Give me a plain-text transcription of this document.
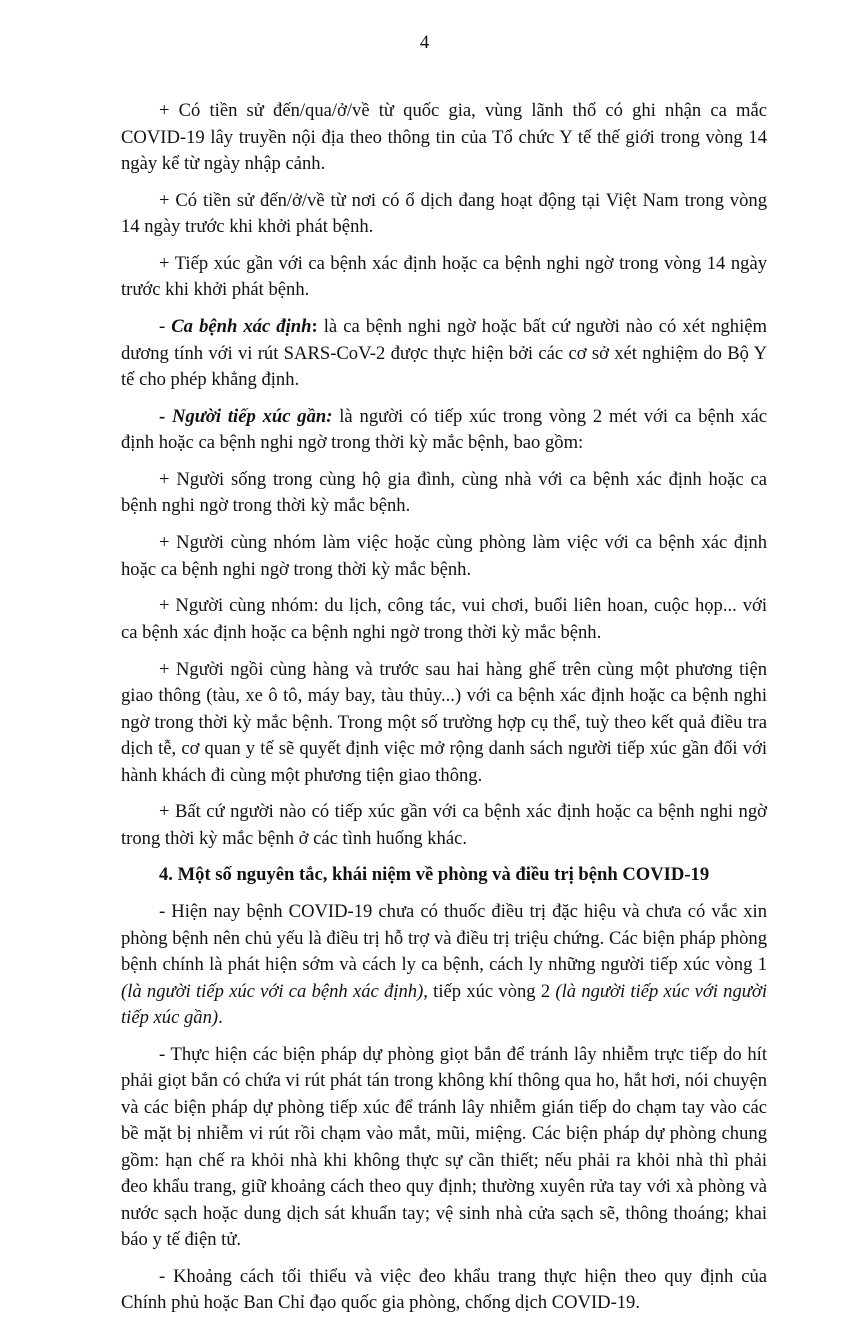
4

+ Có tiền sử đến/qua/ở/về từ quốc gia, vùng lãnh thổ có ghi nhận ca mắc COVID-19 lây truyền nội địa theo thông tin của Tổ chức Y tế thế giới trong vòng 14 ngày kể từ ngày nhập cảnh.

+ Có tiền sử đến/ở/về từ nơi có ổ dịch đang hoạt động tại Việt Nam trong vòng 14 ngày trước khi khởi phát bệnh.

+ Tiếp xúc gần với ca bệnh xác định hoặc ca bệnh nghi ngờ trong vòng 14 ngày trước khi khởi phát bệnh.

- Ca bệnh xác định: là ca bệnh nghi ngờ hoặc bất cứ người nào có xét nghiệm dương tính với vi rút SARS-CoV-2 được thực hiện bởi các cơ sở xét nghiệm do Bộ Y tế cho phép khẳng định.

- Người tiếp xúc gần: là người có tiếp xúc trong vòng 2 mét với ca bệnh xác định hoặc ca bệnh nghi ngờ trong thời kỳ mắc bệnh, bao gồm:

+ Người sống trong cùng hộ gia đình, cùng nhà với ca bệnh xác định hoặc ca bệnh nghi ngờ trong thời kỳ mắc bệnh.

+ Người cùng nhóm làm việc hoặc cùng phòng làm việc với ca bệnh xác định hoặc ca bệnh nghi ngờ trong thời kỳ mắc bệnh.

+ Người cùng nhóm: du lịch, công tác, vui chơi, buổi liên hoan, cuộc họp... với ca bệnh xác định hoặc ca bệnh nghi ngờ trong thời kỳ mắc bệnh.

+ Người ngồi cùng hàng và trước sau hai hàng ghế trên cùng một phương tiện giao thông (tàu, xe ô tô, máy bay, tàu thủy...) với ca bệnh xác định hoặc ca bệnh nghi ngờ trong thời kỳ mắc bệnh. Trong một số trường hợp cụ thể, tuỳ theo kết quả điều tra dịch tễ, cơ quan y tế sẽ quyết định việc mở rộng danh sách người tiếp xúc gần đối với hành khách đi cùng một phương tiện giao thông.

+ Bất cứ người nào có tiếp xúc gần với ca bệnh xác định hoặc ca bệnh nghi ngờ trong thời kỳ mắc bệnh ở các tình huống khác.

4. Một số nguyên tắc, khái niệm về phòng và điều trị bệnh COVID-19

- Hiện nay bệnh COVID-19 chưa có thuốc điều trị đặc hiệu và chưa có vắc xin phòng bệnh nên chủ yếu là điều trị hỗ trợ và điều trị triệu chứng. Các biện pháp phòng bệnh chính là phát hiện sớm và cách ly ca bệnh, cách ly những người tiếp xúc vòng 1 (là người tiếp xúc với ca bệnh xác định), tiếp xúc vòng 2 (là người tiếp xúc với người tiếp xúc gần).

- Thực hiện các biện pháp dự phòng giọt bắn để tránh lây nhiễm trực tiếp do hít phải giọt bắn có chứa vi rút phát tán trong không khí thông qua ho, hắt hơi, nói chuyện và các biện pháp dự phòng tiếp xúc để tránh lây nhiễm gián tiếp do chạm tay vào các bề mặt bị nhiễm vi rút rồi chạm vào mắt, mũi, miệng. Các biện pháp dự phòng chung gồm: hạn chế ra khỏi nhà khi không thực sự cần thiết; nếu phải ra khỏi nhà thì phải đeo khẩu trang, giữ khoảng cách theo quy định; thường xuyên rửa tay với xà phòng và nước sạch hoặc dung dịch sát khuẩn tay; vệ sinh nhà cửa sạch sẽ, thông thoáng; khai báo y tế điện tử.

- Khoảng cách tối thiểu và việc đeo khẩu trang thực hiện theo quy định của Chính phủ hoặc Ban Chỉ đạo quốc gia phòng, chống dịch COVID-19.
